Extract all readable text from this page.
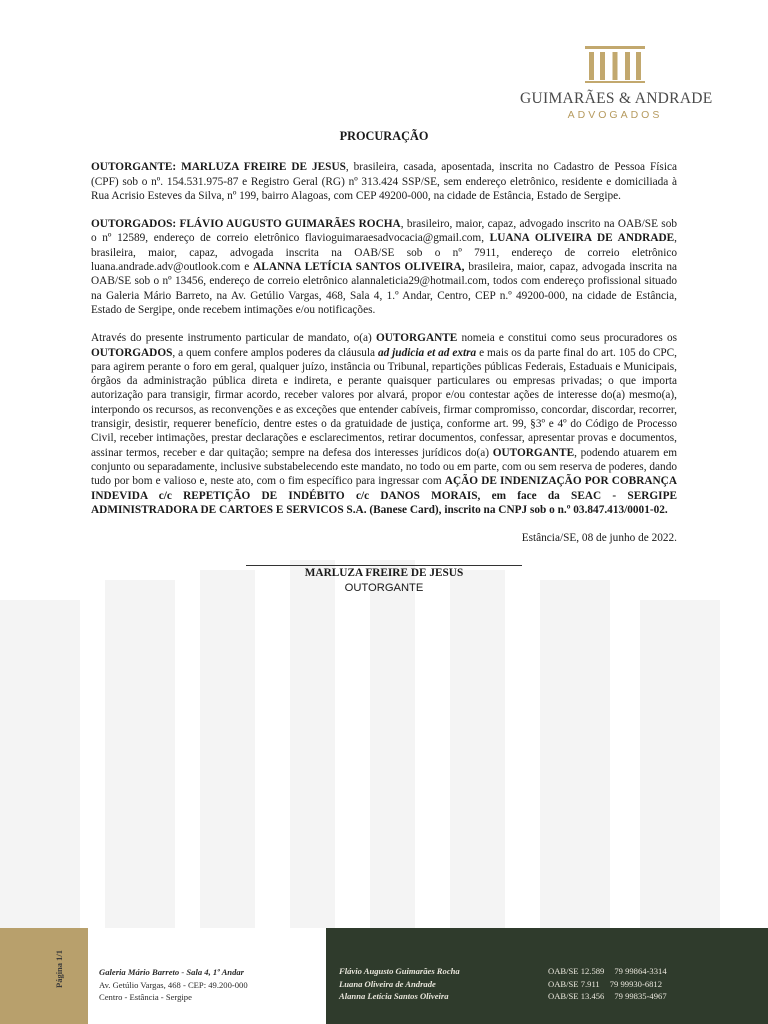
GUIMARÃES & ANDRADE
ADVOGADOS
PROCURAÇÃO

OUTORGANTE: MARLUZA FREIRE DE JESUS, brasileira, casada, aposentada, inscrita no Cadastro de Pessoa Física (CPF) sob o nº. 154.531.975-87 e Registro Geral (RG) nº 313.424 SSP/SE, sem endereço eletrônico, residente e domiciliada à Rua Acrisio Esteves da Silva, nº 199, bairro Alagoas, com CEP 49200-000, na cidade de Estância, Estado de Sergipe.

OUTORGADOS: FLÁVIO AUGUSTO GUIMARÃES ROCHA, brasileiro, maior, capaz, advogado inscrito na OAB/SE sob o nº 12589, endereço de correio eletrônico flavioguimaraesadvocacia@gmail.com, LUANA OLIVEIRA DE ANDRADE, brasileira, maior, capaz, advogada inscrita na OAB/SE sob o nº 7911, endereço de correio eletrônico luana.andrade.adv@outlook.com e ALANNA LETÍCIA SANTOS OLIVEIRA, brasileira, maior, capaz, advogada inscrita na OAB/SE sob o nº 13456, endereço de correio eletrônico alannaleticia29@hotmail.com, todos com endereço profissional situado na Galeria Mário Barreto, na Av. Getúlio Vargas, 468, Sala 4, 1.º Andar, Centro, CEP n.º 49200-000, na cidade de Estância, Estado de Sergipe, onde recebem intimações e/ou notificações.

Através do presente instrumento particular de mandato, o(a) OUTORGANTE nomeia e constitui como seus procuradores os OUTORGADOS, a quem confere amplos poderes da cláusula ad judicia et ad extra e mais os da parte final do art. 105 do CPC, para agirem perante o foro em geral, qualquer juízo, instância ou Tribunal, repartições públicas Federais, Estaduais e Municipais, órgãos da administração pública direta e indireta, e perante quaisquer particulares ou empresas privadas; o que importa autorização para transigir, firmar acordo, receber valores por alvará, propor e/ou contestar ações de interesse do(a) mesmo(a), interpondo os recursos, as reconvenções e as exceções que entender cabíveis, firmar compromisso, concordar, discordar, recorrer, transigir, desistir, requerer benefício, dentre estes o da gratuidade de justiça, conforme art. 99, §3º e 4º do Código de Processo Civil, receber intimações, prestar declarações e esclarecimentos, retirar documentos, confessar, apresentar provas e documentos, assinar termos, receber e dar quitação; sempre na defesa dos interesses jurídicos do(a) OUTORGANTE, podendo atuarem em conjunto ou separadamente, inclusive substabelecendo este mandato, no todo ou em parte, com ou sem reserva de poderes, dando tudo por bom e valioso e, neste ato, com o fim específico para ingressar com AÇÃO DE INDENIZAÇÃO POR COBRANÇA INDEVIDA c/c REPETIÇÃO DE INDÉBITO c/c DANOS MORAIS, em face da SEAC - SERGIPE ADMINISTRADORA DE CARTOES E SERVICOS S.A. (Banese Card), inscrito na CNPJ sob o n.º 03.847.413/0001-02.

Estância/SE, 08 de junho de 2022.
MARLUZA FREIRE DE JESUS
OUTORGANTE
Página 1/1	Galeria Mário Barreto - Sala 4, 1º Andar
Av. Getúlio Vargas, 468 - CEP: 49.200-000
Centro - Estância - Sergipe
Flávio Augusto Guimarães Rocha
Luana Oliveira de Andrade
Alanna Letícia Santos Oliveira
OAB/SE 12.589 79 99864-3314
OAB/SE 7.911 79 99930-6812
OAB/SE 13.456 79 99835-4967
